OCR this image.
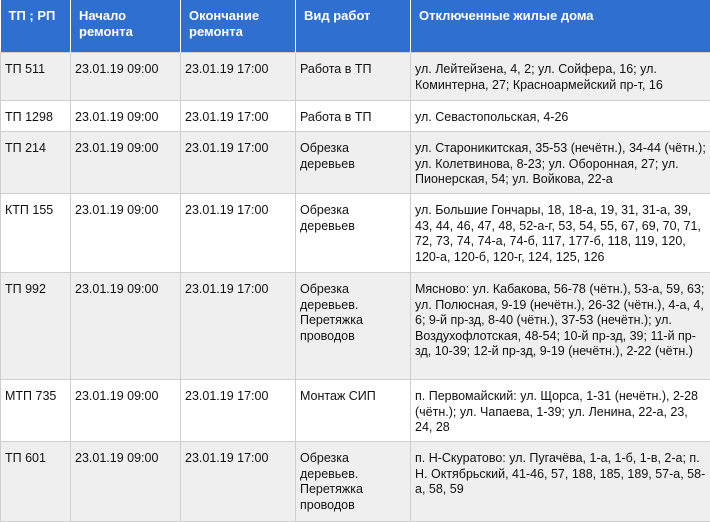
ТП ; РП	Начало ремонта	Окончание ремонта	Вид работ	Отключенные жилые дома
ТП 511	23.01.19 09:00	23.01.19 17:00	Работа в ТП	ул. Лейтейзена, 4, 2; ул. Сойфера, 16; ул. Коминтерна, 27; Красноармейский пр-т, 16
ТП 1298	23.01.19 09:00	23.01.19 17:00	Работа в ТП	ул. Севастопольская, 4-26
ТП 214	23.01.19 09:00	23.01.19 17:00	Обрезка деревьев	ул. Староникитская, 35-53 (нечётн.), 34-44 (чётн.); ул. Колетвинова, 8-23; ул. Оборонная, 27; ул. Пионерская, 54; ул. Войкова, 22-а
КТП 155	23.01.19 09:00	23.01.19 17:00	Обрезка деревьев	ул. Большие Гончары, 18, 18-а, 19, 31, 31-а, 39, 43, 44, 46, 47, 48, 52-а-г, 53, 54, 55, 67, 69, 70, 71, 72, 73, 74, 74-а, 74-б, 117, 177-б, 118, 119, 120, 120-а, 120-б, 120-г, 124, 125, 126
ТП 992	23.01.19 09:00	23.01.19 17:00	Обрезка деревьев. Перетяжка проводов	Мясново: ул. Кабакова, 56-78 (чётн.), 53-а, 59, 63; ул. Полюсная, 9-19 (нечётн.), 26-32 (чётн.), 4-а, 4, 6; 9-й пр-зд, 8-40 (чётн.), 37-53 (нечётн.); ул. Воздухофлотская, 48-54; 10-й пр-зд, 39; 11-й пр-зд, 10-39; 12-й пр-зд, 9-19 (нечётн.), 2-22 (чётн.)
МТП 735	23.01.19 09:00	23.01.19 17:00	Монтаж СИП	п. Первомайский: ул. Щорса, 1-31 (нечётн.), 2-28 (чётн.); ул. Чапаева, 1-39; ул. Ленина, 22-а, 23, 24, 28
ТП 601	23.01.19 09:00	23.01.19 17:00	Обрезка деревьев. Перетяжка проводов	п. Н-Скуратово: ул. Пугачёва, 1-а, 1-б, 1-в, 2-а; п. Н. Октябрьский, 41-46, 57, 188, 185, 189, 57-а, 58-а, 58, 59
